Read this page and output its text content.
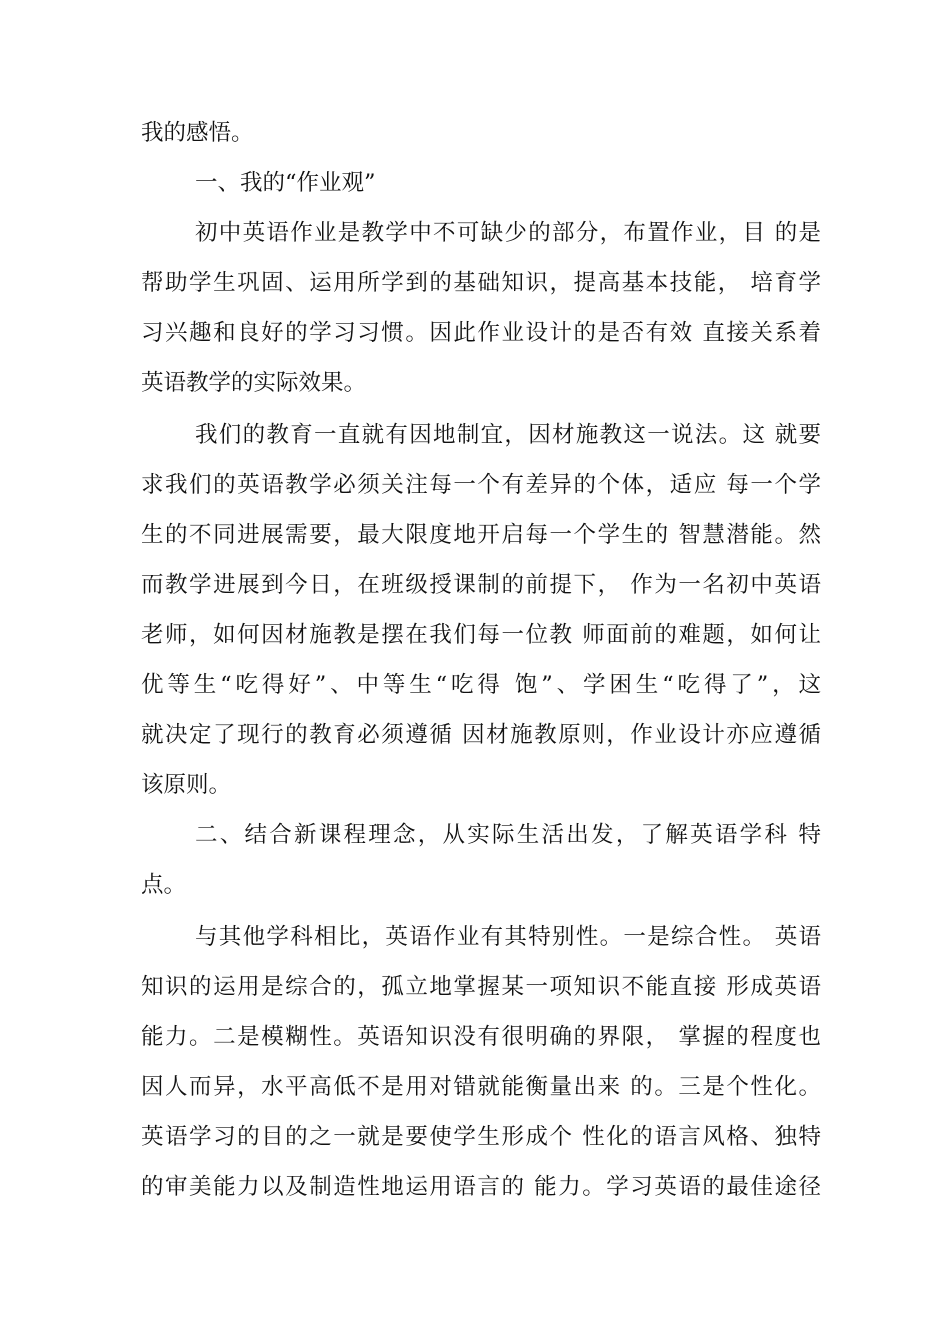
我的感悟。
一、我的“作业观”
初中英语作业是教学中不可缺少的部分，布置作业，目 的是
帮助学生巩固、运用所学到的基础知识，提高基本技能， 培育学
习兴趣和良好的学习习惯。因此作业设计的是否有效 直接关系着
英语教学的实际效果。
我们的教育一直就有因地制宜，因材施教这一说法。这 就要
求我们的英语教学必须关注每一个有差异的个体，适应 每一个学
生的不同进展需要，最大限度地开启每一个学生的 智慧潜能。然
而教学进展到今日，在班级授课制的前提下， 作为一名初中英语
老师，如何因材施教是摆在我们每一位教 师面前的难题，如何让
优等生“吃得好”、中等生“吃得 饱”、学困生“吃得了”，这
就决定了现行的教育必须遵循 因材施教原则，作业设计亦应遵循
该原则。
二、结合新课程理念，从实际生活出发，了解英语学科 特
点。
与其他学科相比，英语作业有其特别性。一是综合性。 英语
知识的运用是综合的，孤立地掌握某一项知识不能直接 形成英语
能力。二是模糊性。英语知识没有很明确的界限， 掌握的程度也
因人而异，水平高低不是用对错就能衡量出来 的。三是个性化。
英语学习的目的之一就是要使学生形成个 性化的语言风格、独特
的审美能力以及制造性地运用语言的 能力。学习英语的最佳途径
